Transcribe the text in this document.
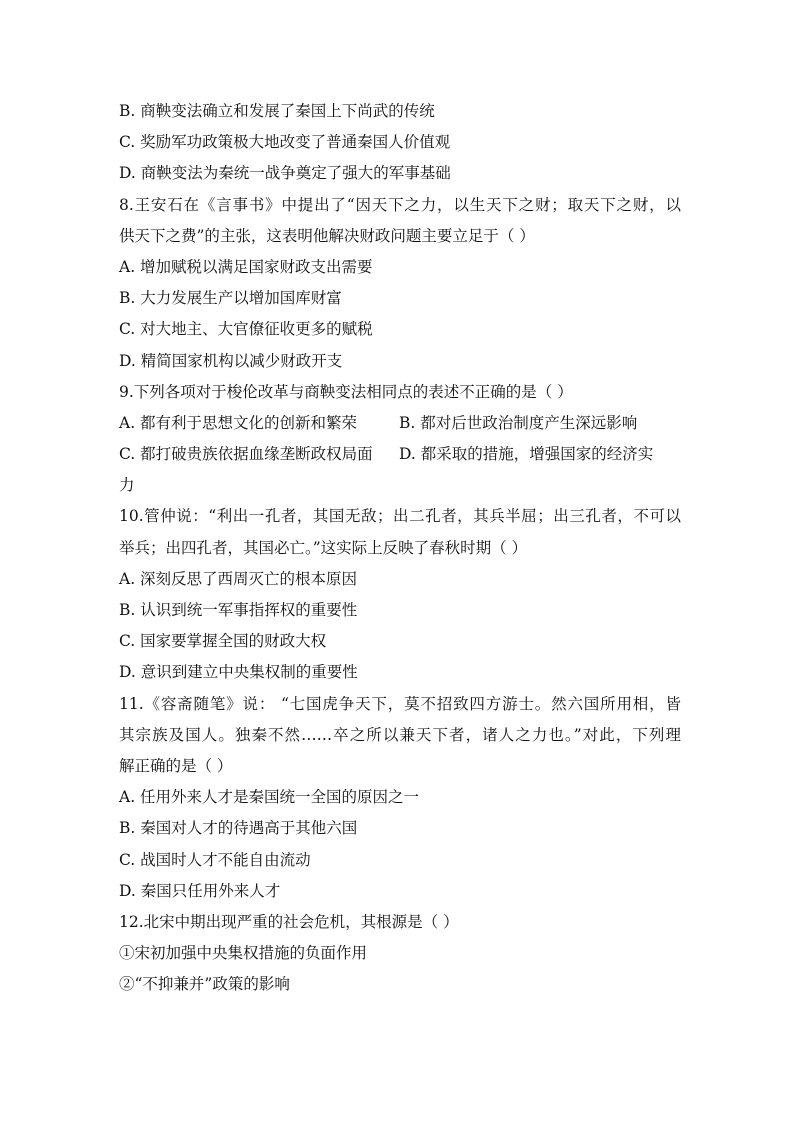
B. 商鞅变法确立和发展了秦国上下尚武的传统
C. 奖励军功政策极大地改变了普通秦国人价值观
D. 商鞅变法为秦统一战争奠定了强大的军事基础
8.王安石在《言事书》中提出了“因天下之力，以生天下之财；取天下之财，以
供天下之费”的主张，这表明他解决财政问题主要立足于（ ）
A. 增加赋税以满足国家财政支出需要
B. 大力发展生产以增加国库财富
C. 对大地主、大官僚征收更多的赋税
D. 精简国家机构以减少财政开支
9.下列各项对于梭伦改革与商鞅变法相同点的表述不正确的是（ ）
A. 都有利于思想文化的创新和繁荣	B. 都对后世政治制度产生深远影响
C. 都打破贵族依据血缘垄断政权局面	D. 都采取的措施，增强国家的经济实
力
10.管仲说：“利出一孔者，其国无敌；出二孔者，其兵半屈；出三孔者，不可以
举兵；出四孔者，其国必亡。”这实际上反映了春秋时期（ ）
A. 深刻反思了西周灭亡的根本原因
B. 认识到统一军事指挥权的重要性
C. 国家要掌握全国的财政大权
D. 意识到建立中央集权制的重要性
11.《容斋随笔》说： “七国虎争天下，莫不招致四方游士。然六国所用相，皆
其宗族及国人。独秦不然……卒之所以兼天下者，诸人之力也。”对此，下列理
解正确的是（ ）
A. 任用外来人才是秦国统一全国的原因之一
B. 秦国对人才的待遇高于其他六国
C. 战国时人才不能自由流动
D. 秦国只任用外来人才
12.北宋中期出现严重的社会危机，其根源是（ ）
①宋初加强中央集权措施的负面作用
②“不抑兼并”政策的影响
